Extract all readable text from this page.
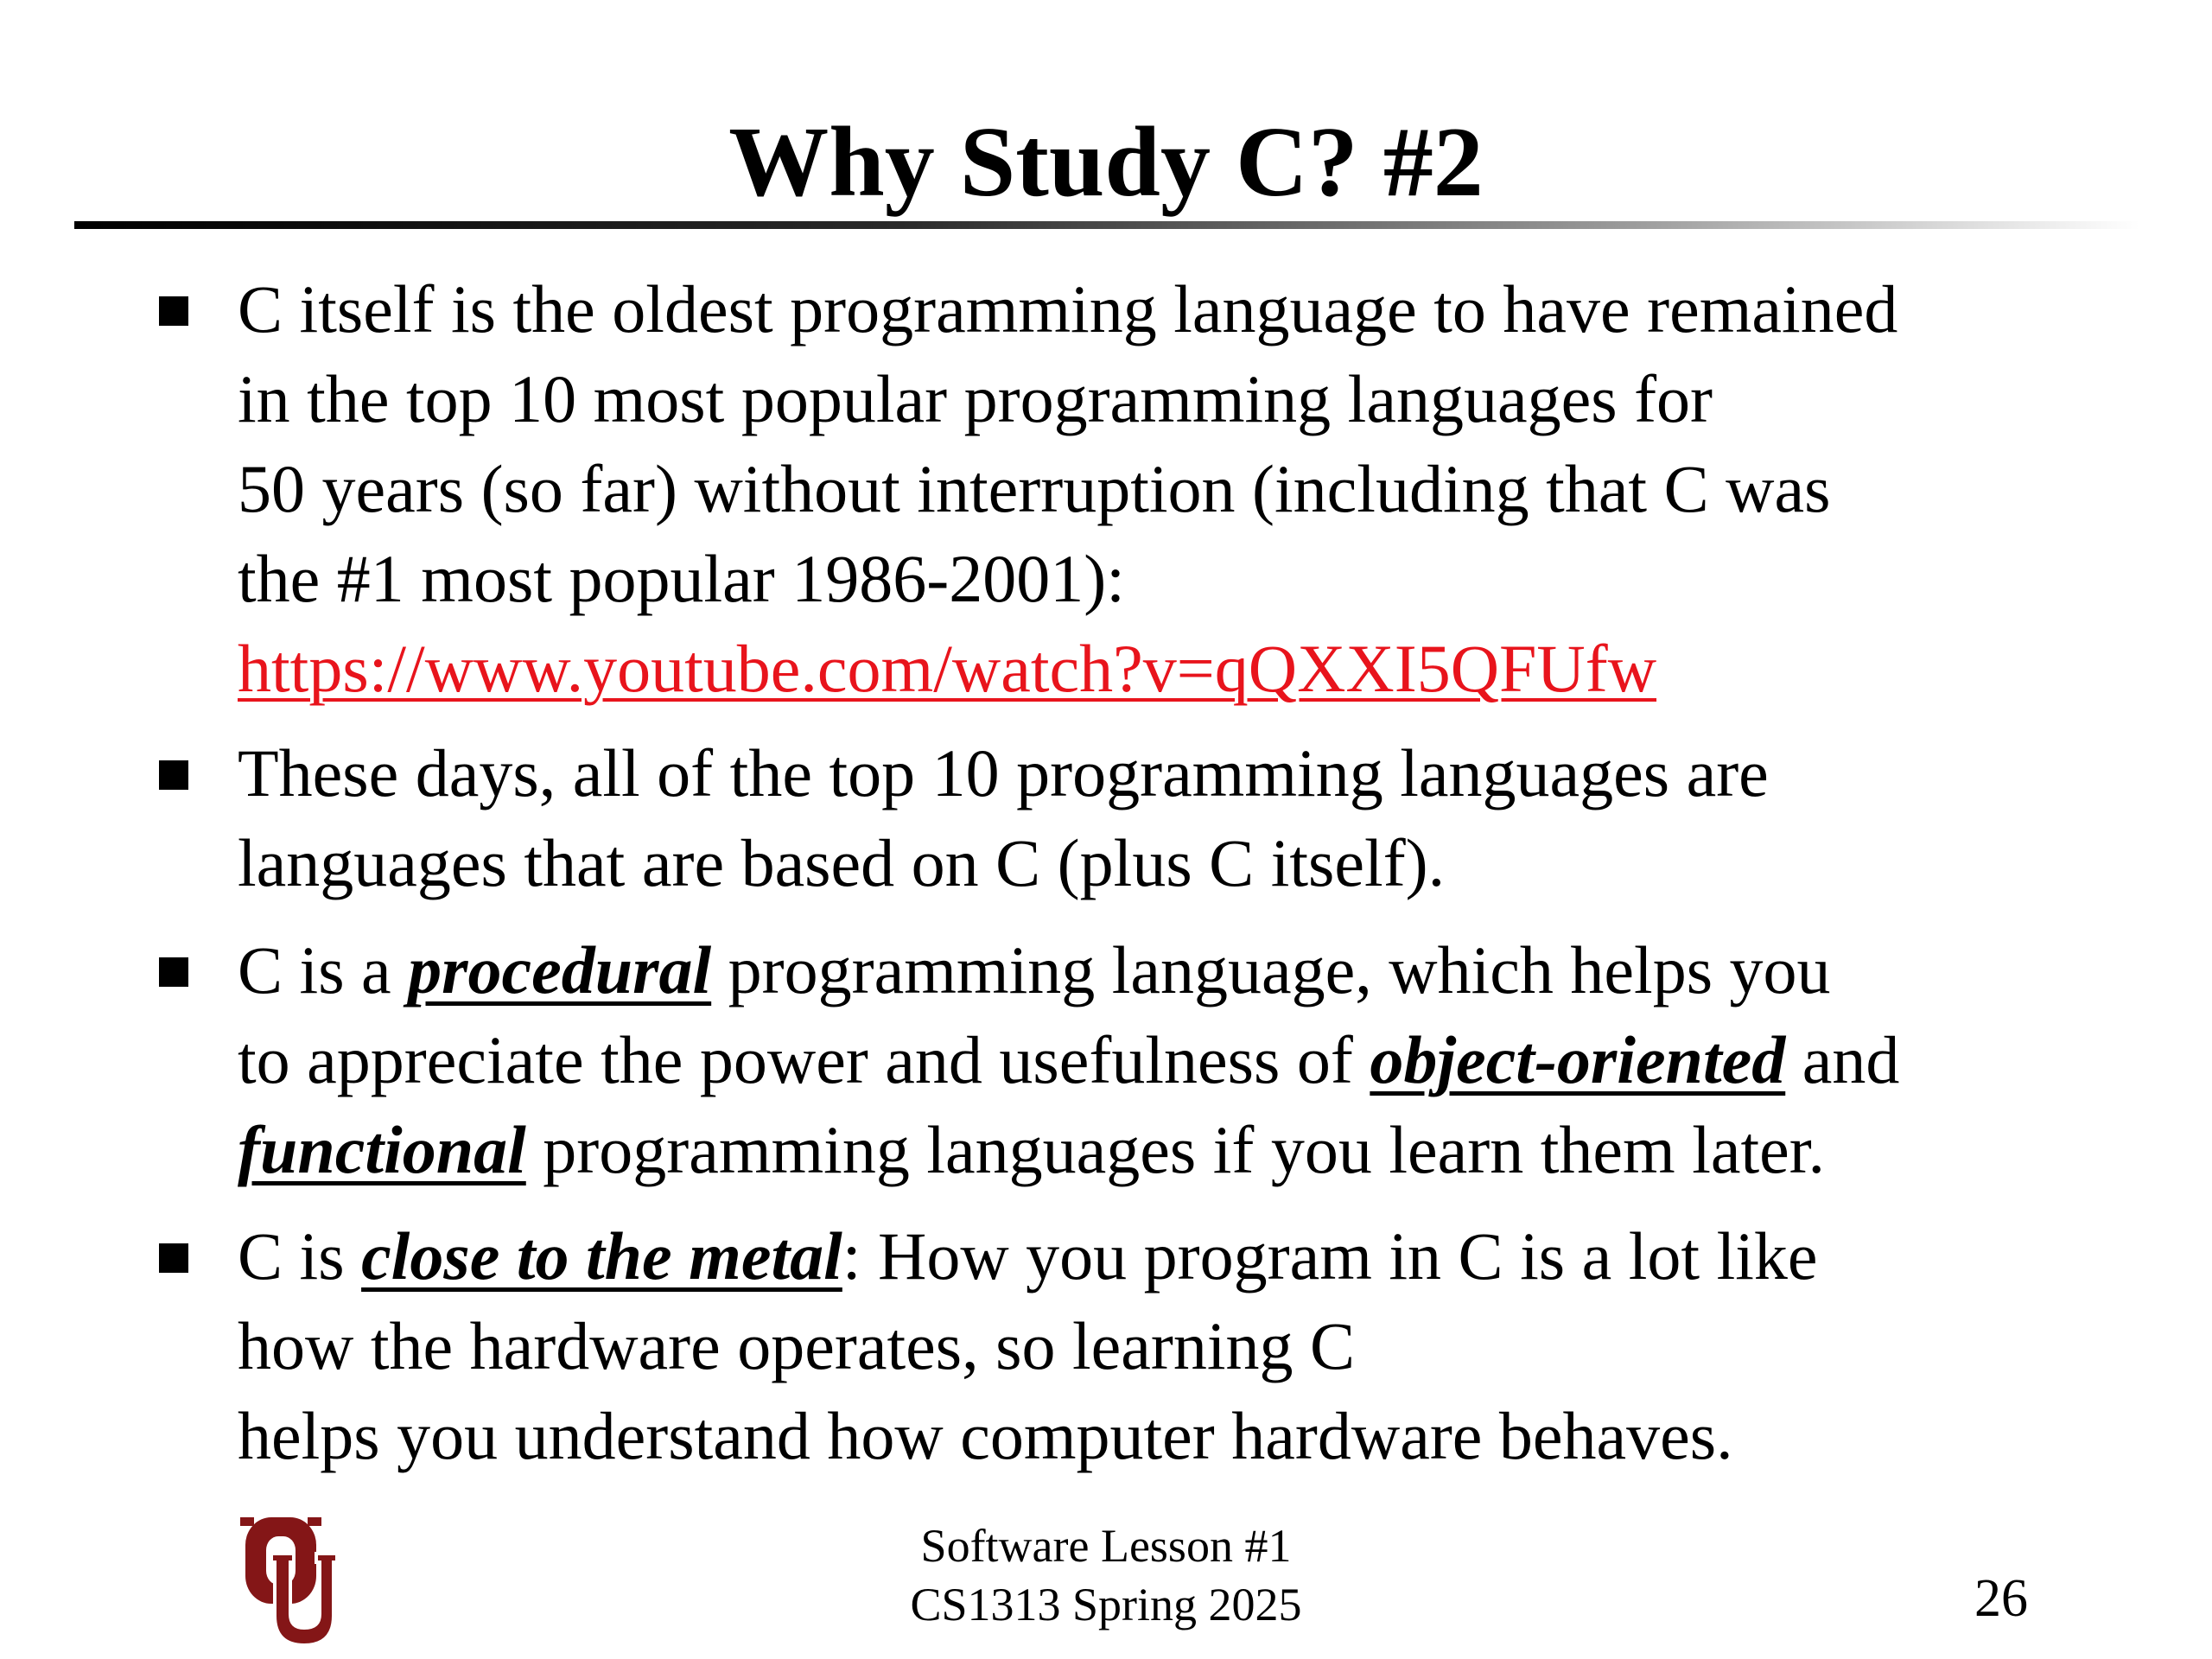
Why Study C? #2
C itself is the oldest programming language to have remained
in the top 10 most popular programming languages for
50 years (so far) without interruption (including that C was
the #1 most popular 1986-2001):
https://www.youtube.com/watch?v=qQXXI5QFUfw
These days, all of the top 10 programming languages are
languages that are based on C (plus C itself).
C is a procedural programming language, which helps you
to appreciate the power and usefulness of object-oriented and
functional programming languages if you learn them later.
C is close to the metal: How you program in C is a lot like
how the hardware operates, so learning C
helps you understand how computer hardware behaves.
Software Lesson #1
CS1313 Spring 2025	26
